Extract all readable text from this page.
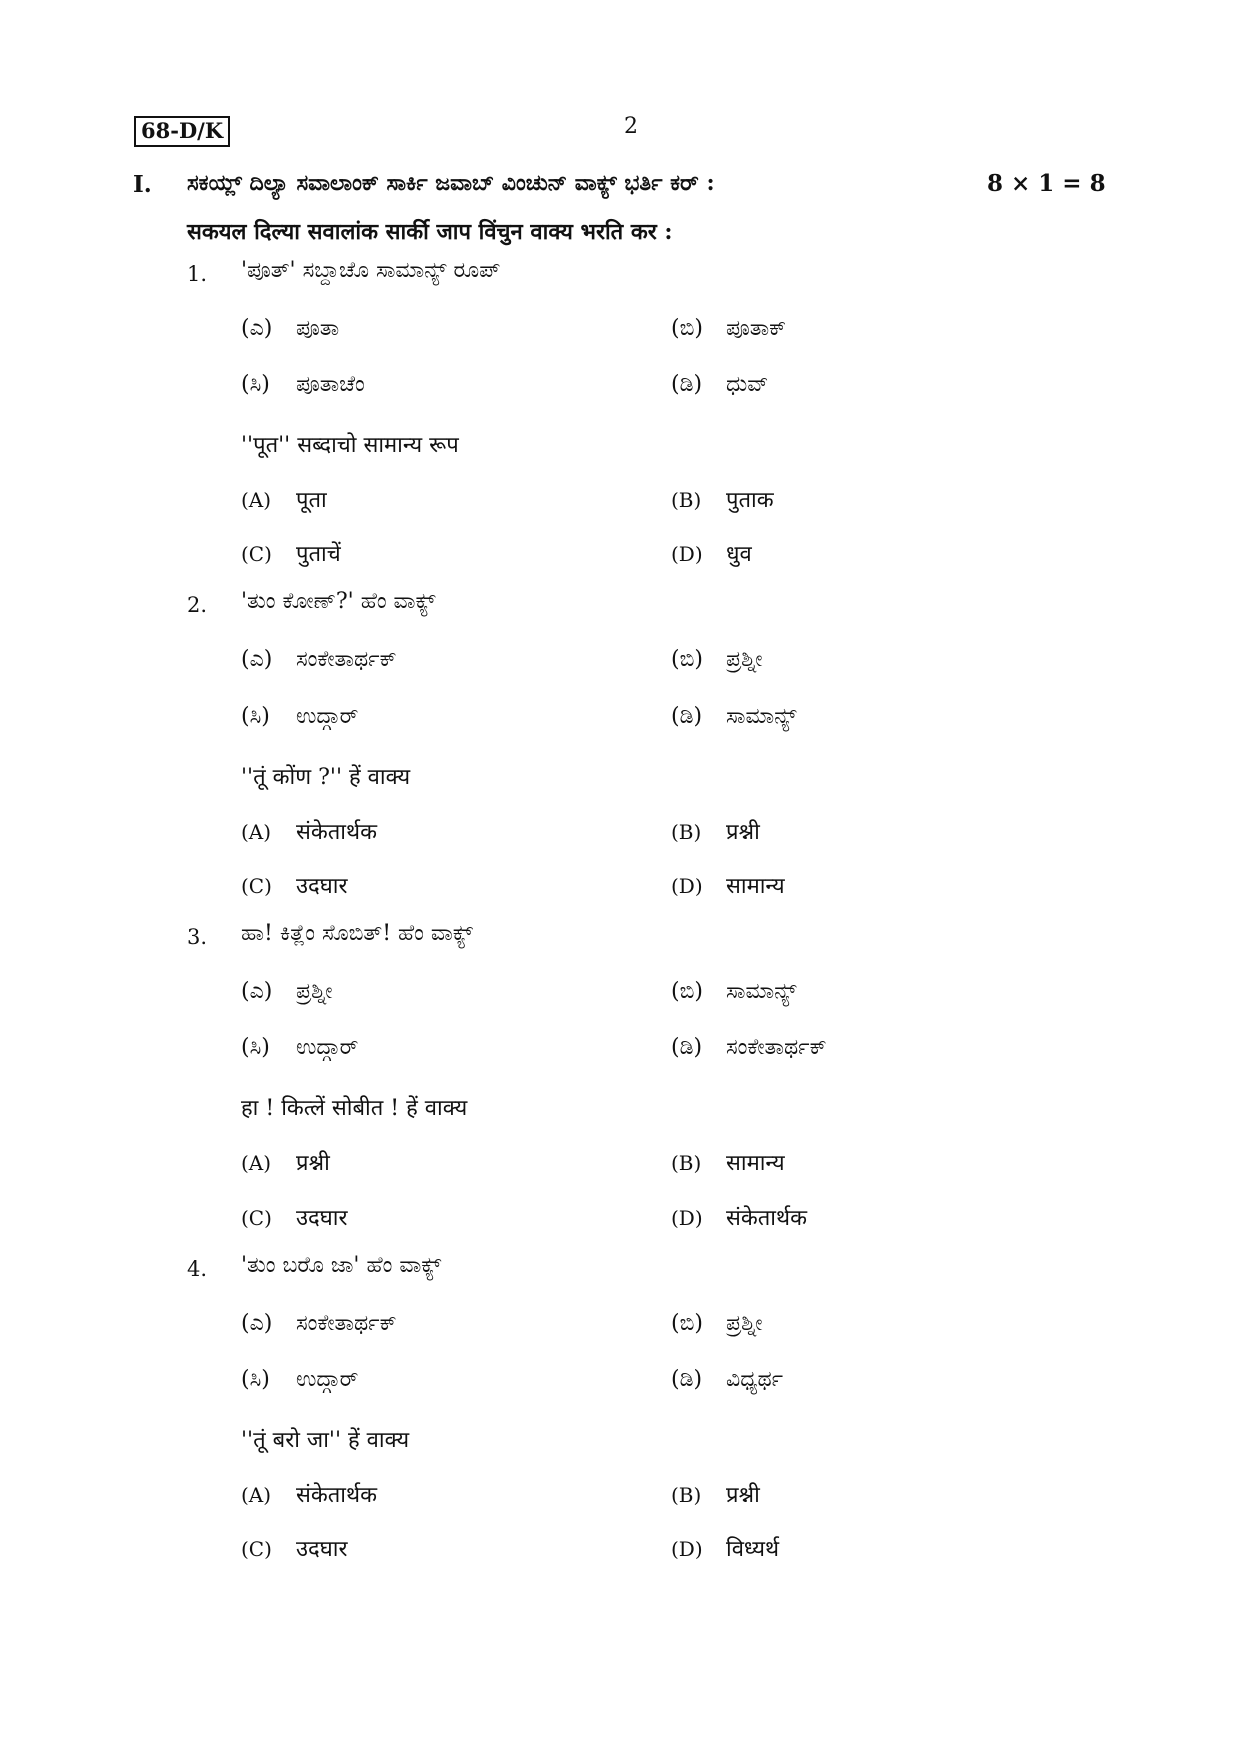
68-D/K	2
I. ಸಕಯ್ಲ್ ದಿಲ್ಯಾ ಸವಾಲಾಂಕ್ ಸಾರ್ಕಿ ಜವಾಬ್ ವಿಂಚುನ್ ವಾಕ್ಯ್ ಭರ್ತಿ ಕರ್ :	8 × 1 = 8
सकयल दिल्या सवालांक सार्की जाप विंचुन वाक्य भरति कर :
1. 'ಪೂತ್' ಸಬ್ದಾಚೊ ಸಾಮಾನ್ಯ್ ರೂಪ್
(ಎ) ಪೂತಾ	(ಬಿ) ಪೂತಾಕ್
(ಸಿ) ಪೂತಾಚೆಂ	(ಡಿ) ಧುವ್
''पूत'' सब्दाचो सामान्य रूप
(A) पूता	(B) पुताक
(C) पुताचें	(D) धुव
2. 'ತುಂ ಕೋಣ್?' ಹೆಂ ವಾಕ್ಯ್
(ಎ) ಸಂಕೇತಾರ್ಥಕ್	(ಬಿ) ಪ್ರಶ್ನೀ
(ಸಿ) ಉದ್ಗಾರ್	(ಡಿ) ಸಾಮಾನ್ಯ್
''तूं कोंण ?'' हें वाक्य
(A) संकेतार्थक	(B) प्रश्नी
(C) उदघार	(D) सामान्य
3. ಹಾ! ಕಿತ್ಲೆಂ ಸೊಬಿತ್! ಹೆಂ ವಾಕ್ಯ್
(ಎ) ಪ್ರಶ್ನೀ	(ಬಿ) ಸಾಮಾನ್ಯ್
(ಸಿ) ಉದ್ಗಾರ್	(ಡಿ) ಸಂಕೇತಾರ್ಥಕ್
हा ! कित्लें सोबीत ! हें वाक्य
(A) प्रश्नी	(B) सामान्य
(C) उदघार	(D) संकेतार्थक
4. 'ತುಂ ಬರೊ ಜಾ' ಹೆಂ ವಾಕ್ಯ್
(ಎ) ಸಂಕೇತಾರ್ಥಕ್	(ಬಿ) ಪ್ರಶ್ನೀ
(ಸಿ) ಉದ್ಗಾರ್	(ಡಿ) ವಿಧ್ಯರ್ಥ
''तूं बरो जा'' हें वाक्य
(A) संकेतार्थक	(B) प्रश्नी
(C) उदघार	(D) विध्यर्थ
